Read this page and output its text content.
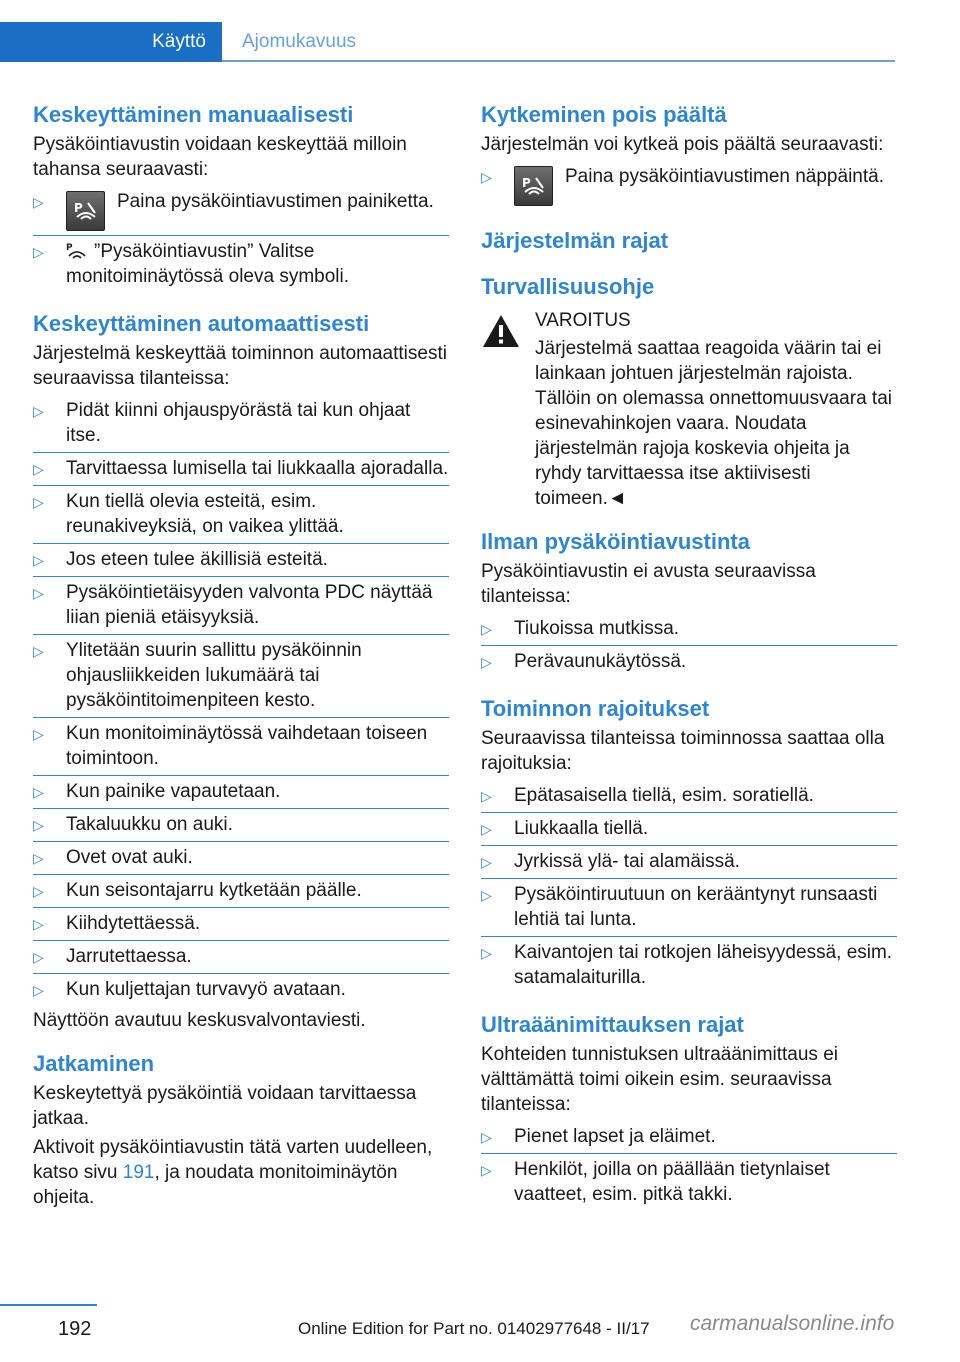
Käyttö	Ajomukavuus
Keskeyttäminen manuaalisesti

Pysäköintiavustin voidaan keskeyttää milloin tahansa seuraavasti:

▷	P Paina pysäköintiavustimen painiketta.
▷ P ”Pysäköintiavustin” Valitse monitoiminäytössä oleva symboli.
Keskeyttäminen automaattisesti

Järjestelmä keskeyttää toiminnon automaattisesti seuraavissa tilanteissa:

▷ Pidät kiinni ohjauspyörästä tai kun ohjaat itse.
▷ Tarvittaessa lumisella tai liukkaalla ajoradalla.
▷ Kun tiellä olevia esteitä, esim. reunakiveyksiä, on vaikea ylittää.
▷ Jos eteen tulee äkillisiä esteitä.
▷ Pysäköintietäisyyden valvonta PDC näyttää liian pieniä etäisyyksiä.
▷ Ylitetään suurin sallittu pysäköinnin ohjausliikkeiden lukumäärä tai pysäköintitoimenpiteen kesto.
▷ Kun monitoiminäytössä vaihdetaan toiseen toimintoon.
▷ Kun painike vapautetaan.
▷ Takaluukku on auki.
▷ Ovet ovat auki.
▷ Kun seisontajarru kytketään päälle.
▷ Kiihdytettäessä.
▷ Jarrutettaessa.
▷ Kun kuljettajan turvavyö avataan.

Näyttöön avautuu keskusvalvontaviesti.

Jatkaminen

Keskeytettyä pysäköintiä voidaan tarvittaessa jatkaa.

Aktivoit pysäköintiavustin tätä varten uudelleen, katso sivu 191, ja noudata monitoiminäytön ohjeita.

Kytkeminen pois päältä

Järjestelmän voi kytkeä pois päältä seuraavasti:

▷	P Paina pysäköintiavustimen näppäintä.
Järjestelmän rajat
Turvallisuusohje
VAROITUS

Järjestelmä saattaa reagoida väärin tai ei lainkaan johtuen järjestelmän rajoista. Tällöin on olemassa onnettomuusvaara tai esinevahinkojen vaara. Noudata järjestelmän rajoja koskevia ohjeita ja ryhdy tarvittaessa itse aktiivisesti toimeen.◄

Ilman pysäköintiavustinta

Pysäköintiavustin ei avusta seuraavissa tilanteissa:

▷ Tiukoissa mutkissa.
▷ Perävaunukäytössä.
Toiminnon rajoitukset

Seuraavissa tilanteissa toiminnossa saattaa olla rajoituksia:

▷ Epätasaisella tiellä, esim. soratiellä.
▷ Liukkaalla tiellä.
▷ Jyrkissä ylä- tai alamäissä.
▷ Pysäköintiruutuun on kerääntynyt runsaasti lehtiä tai lunta.
▷ Kaivantojen tai rotkojen läheisyydessä, esim. satamalaiturilla.
Ultraäänimittauksen rajat

Kohteiden tunnistuksen ultraäänimittaus ei välttämättä toimi oikein esim. seuraavissa tilanteissa:

▷ Pienet lapset ja eläimet.
▷ Henkilöt, joilla on päällään tietynlaiset vaatteet, esim. pitkä takki.
192	Online Edition for Part no. 01402977648 - II/17 carmanualsonline.info
